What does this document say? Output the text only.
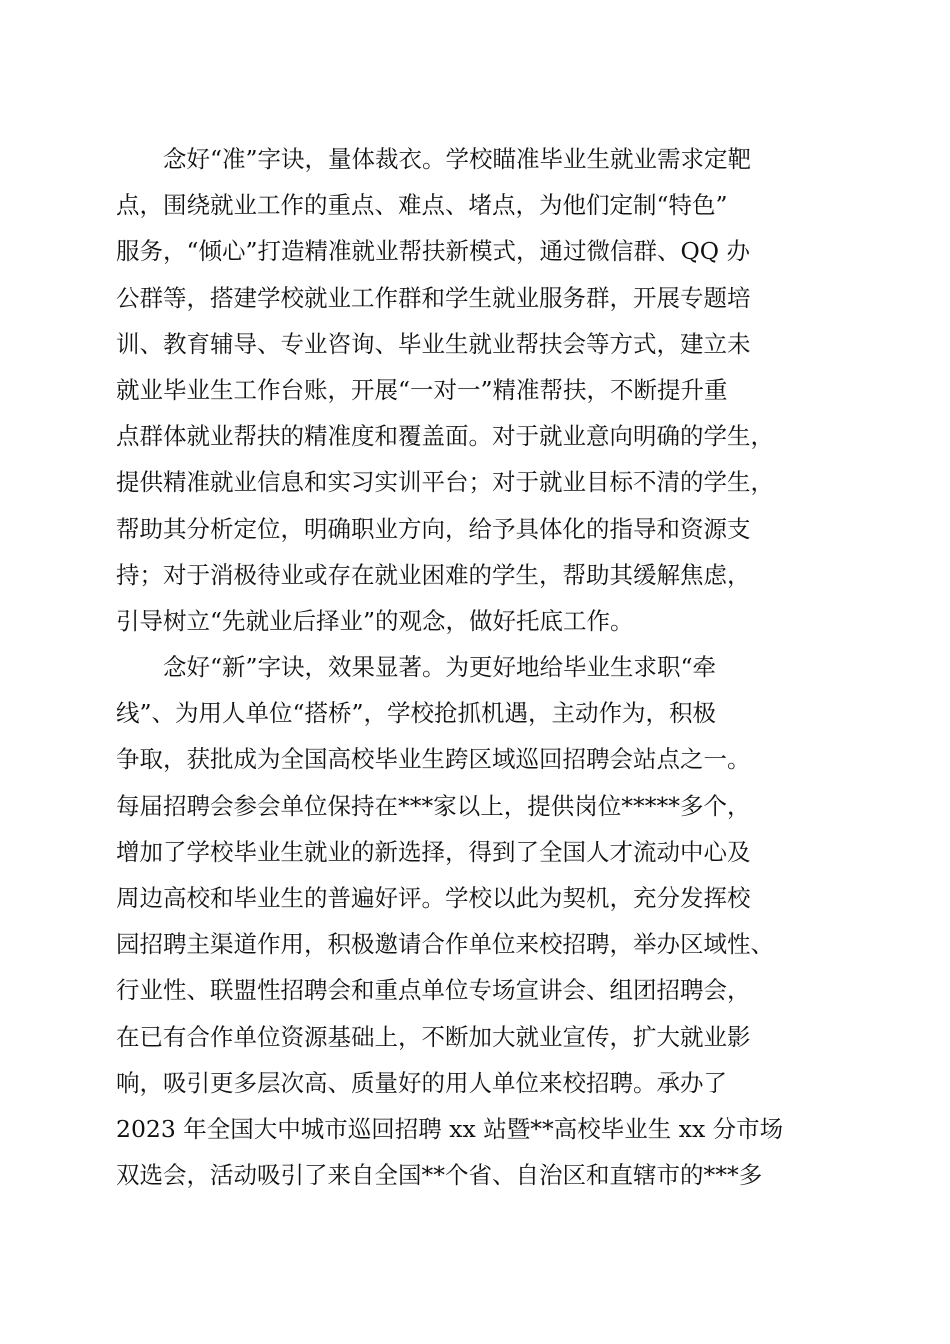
念好“准”字诀，量体裁衣。学校瞄准毕业生就业需求定靶
点，围绕就业工作的重点、难点、堵点，为他们定制“特色”
服务，“倾心”打造精准就业帮扶新模式，通过微信群、QQ 办
公群等，搭建学校就业工作群和学生就业服务群，开展专题培
训、教育辅导、专业咨询、毕业生就业帮扶会等方式，建立未
就业毕业生工作台账，开展“一对一”精准帮扶，不断提升重
点群体就业帮扶的精准度和覆盖面。对于就业意向明确的学生，
提供精准就业信息和实习实训平台；对于就业目标不清的学生，
帮助其分析定位，明确职业方向，给予具体化的指导和资源支
持；对于消极待业或存在就业困难的学生，帮助其缓解焦虑，
引导树立“先就业后择业”的观念，做好托底工作。
念好“新”字诀，效果显著。为更好地给毕业生求职“牵
线”、为用人单位“搭桥”，学校抢抓机遇，主动作为，积极
争取，获批成为全国高校毕业生跨区域巡回招聘会站点之一。
每届招聘会参会单位保持在***家以上，提供岗位*****多个，
增加了学校毕业生就业的新选择，得到了全国人才流动中心及
周边高校和毕业生的普遍好评。学校以此为契机，充分发挥校
园招聘主渠道作用，积极邀请合作单位来校招聘，举办区域性、
行业性、联盟性招聘会和重点单位专场宣讲会、组团招聘会，
在已有合作单位资源基础上，不断加大就业宣传，扩大就业影
响，吸引更多层次高、质量好的用人单位来校招聘。承办了
2023 年全国大中城市巡回招聘 xx 站暨**高校毕业生 xx 分市场
双选会，活动吸引了来自全国**个省、自治区和直辖市的***多
